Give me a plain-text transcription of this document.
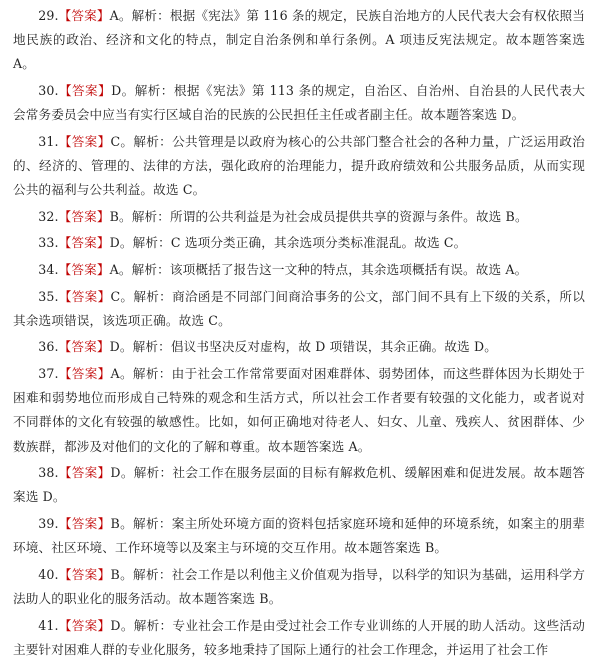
29.【答案】A。解析：根据《宪法》第 116 条的规定，民族自治地方的人民代表大会有权依照当地民族的政治、经济和文化的特点，制定自治条例和单行条例。A 项违反宪法规定。故本题答案选 A。

30.【答案】D。解析：根据《宪法》第 113 条的规定，自治区、自治州、自治县的人民代表大会常务委员会中应当有实行区域自治的民族的公民担任主任或者副主任。故本题答案选 D。

31.【答案】C。解析：公共管理是以政府为核心的公共部门整合社会的各种力量，广泛运用政治的、经济的、管理的、法律的方法，强化政府的治理能力，提升政府绩效和公共服务品质，从而实现公共的福利与公共利益。故选 C。

32.【答案】B。解析：所谓的公共利益是为社会成员提供共享的资源与条件。故选 B。

33.【答案】D。解析：C 选项分类正确，其余选项分类标准混乱。故选 C。

34.【答案】A。解析：该项概括了报告这一文种的特点，其余选项概括有误。故选 A。

35.【答案】C。解析：商洽函是不同部门间商洽事务的公文，部门间不具有上下级的关系，所以其余选项错误，该选项正确。故选 C。

36.【答案】D。解析：倡议书坚决反对虚构，故 D 项错误，其余正确。故选 D。

37.【答案】A。解析：由于社会工作常常要面对困难群体、弱势团体，而这些群体因为长期处于困难和弱势地位而形成自己特殊的观念和生活方式，所以社会工作者要有较强的文化能力，或者说对不同群体的文化有较强的敏感性。比如，如何正确地对待老人、妇女、儿童、残疾人、贫困群体、少数族群，都涉及对他们的文化的了解和尊重。故本题答案选 A。

38.【答案】D。解析：社会工作在服务层面的目标有解救危机、缓解困难和促进发展。故本题答案选 D。

39.【答案】B。解析：案主所处环境方面的资料包括家庭环境和延伸的环境系统，如案主的朋辈环境、社区环境、工作环境等以及案主与环境的交互作用。故本题答案选 B。

40.【答案】B。解析：社会工作是以利他主义价值观为指导，以科学的知识为基础，运用科学方法助人的职业化的服务活动。故本题答案选 B。

41.【答案】D。解析：专业社会工作是由受过社会工作专业训练的人开展的助人活动。这些活动主要针对困难人群的专业化服务，较多地秉持了国际上通行的社会工作理念，并运用了社会工作
